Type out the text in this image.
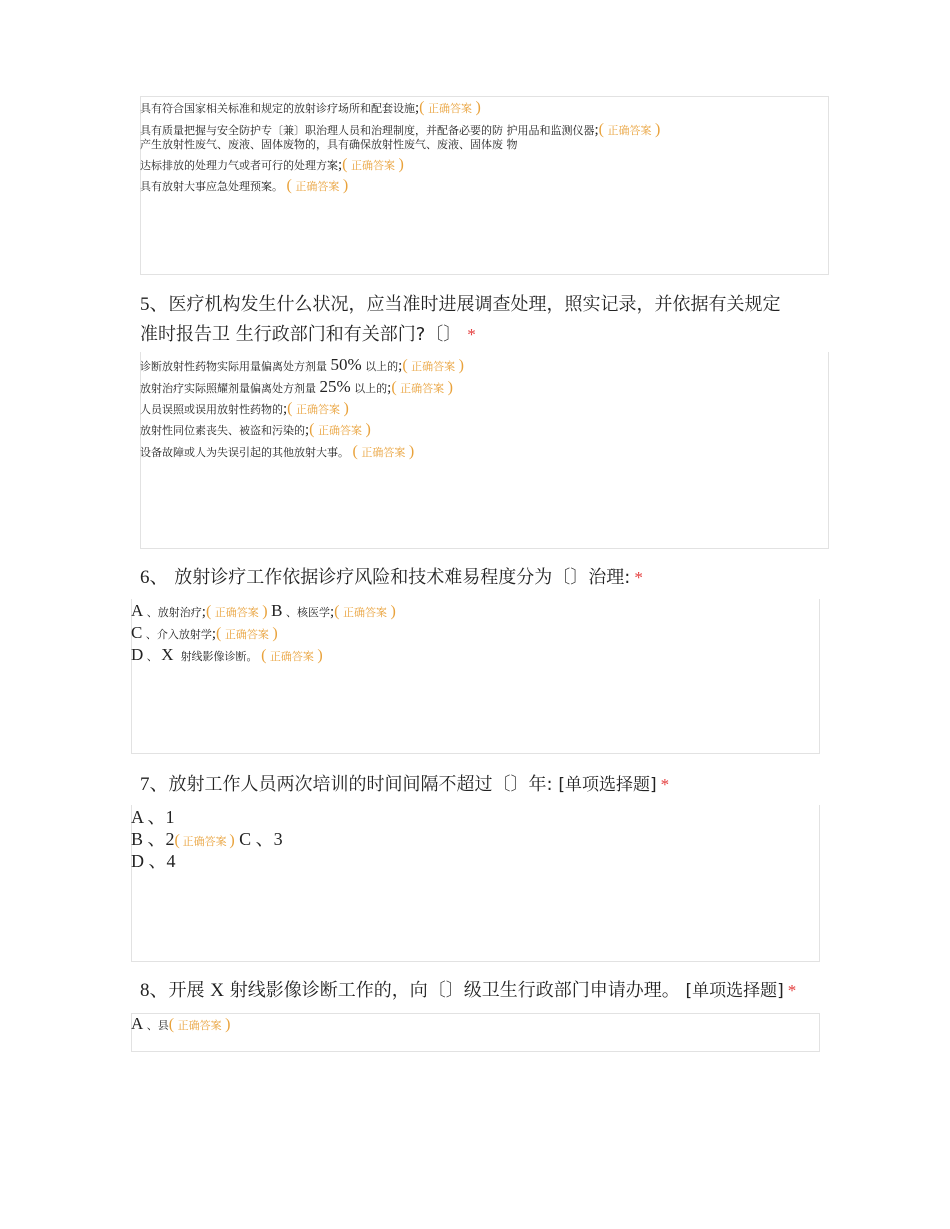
具有符合国家相关标准和规定的放射诊疗场所和配套设施;( 正确答案 )
具有质量把握与安全防护专〔兼〕职治理人员和治理制度，并配备必要的防 护用品和监测仪器;( 正确答案 )
产生放射性废气、废液、固体废物的，具有确保放射性废气、废液、固体废 物
达标排放的处理力气或者可行的处理方案;( 正确答案 )
具有放射大事应急处理预案。 ( 正确答案 )
5、医疗机构发生什么状况，应当准时进展调查处理，照实记录，并依据有关规定
准时报告卫 生行政部门和有关部门?〔〕 *
诊断放射性药物实际用量偏离处方剂量 50% 以上的;( 正确答案 )
放射治疗实际照耀剂量偏离处方剂量 25% 以上的;( 正确答案 )
人员误照或误用放射性药物的;( 正确答案 )
放射性同位素丧失、被盗和污染的;( 正确答案 )
设备故障或人为失误引起的其他放射大事。 ( 正确答案 )
6、 放射诊疗工作依据诊疗风险和技术难易程度分为〔〕治理: *
A 、放射治疗;( 正确答案 ) B 、核医学;( 正确答案 )
C 、介入放射学;( 正确答案 )
D 、 X 射线影像诊断。 ( 正确答案 )
7、放射工作人员两次培训的时间间隔不超过〔〕年: [单项选择题] *
A 、1
B 、2( 正确答案 ) C 、3
D 、4
8、开展 X 射线影像诊断工作的，向〔〕级卫生行政部门申请办理。 [单项选择题] *
A 、县( 正确答案 )
